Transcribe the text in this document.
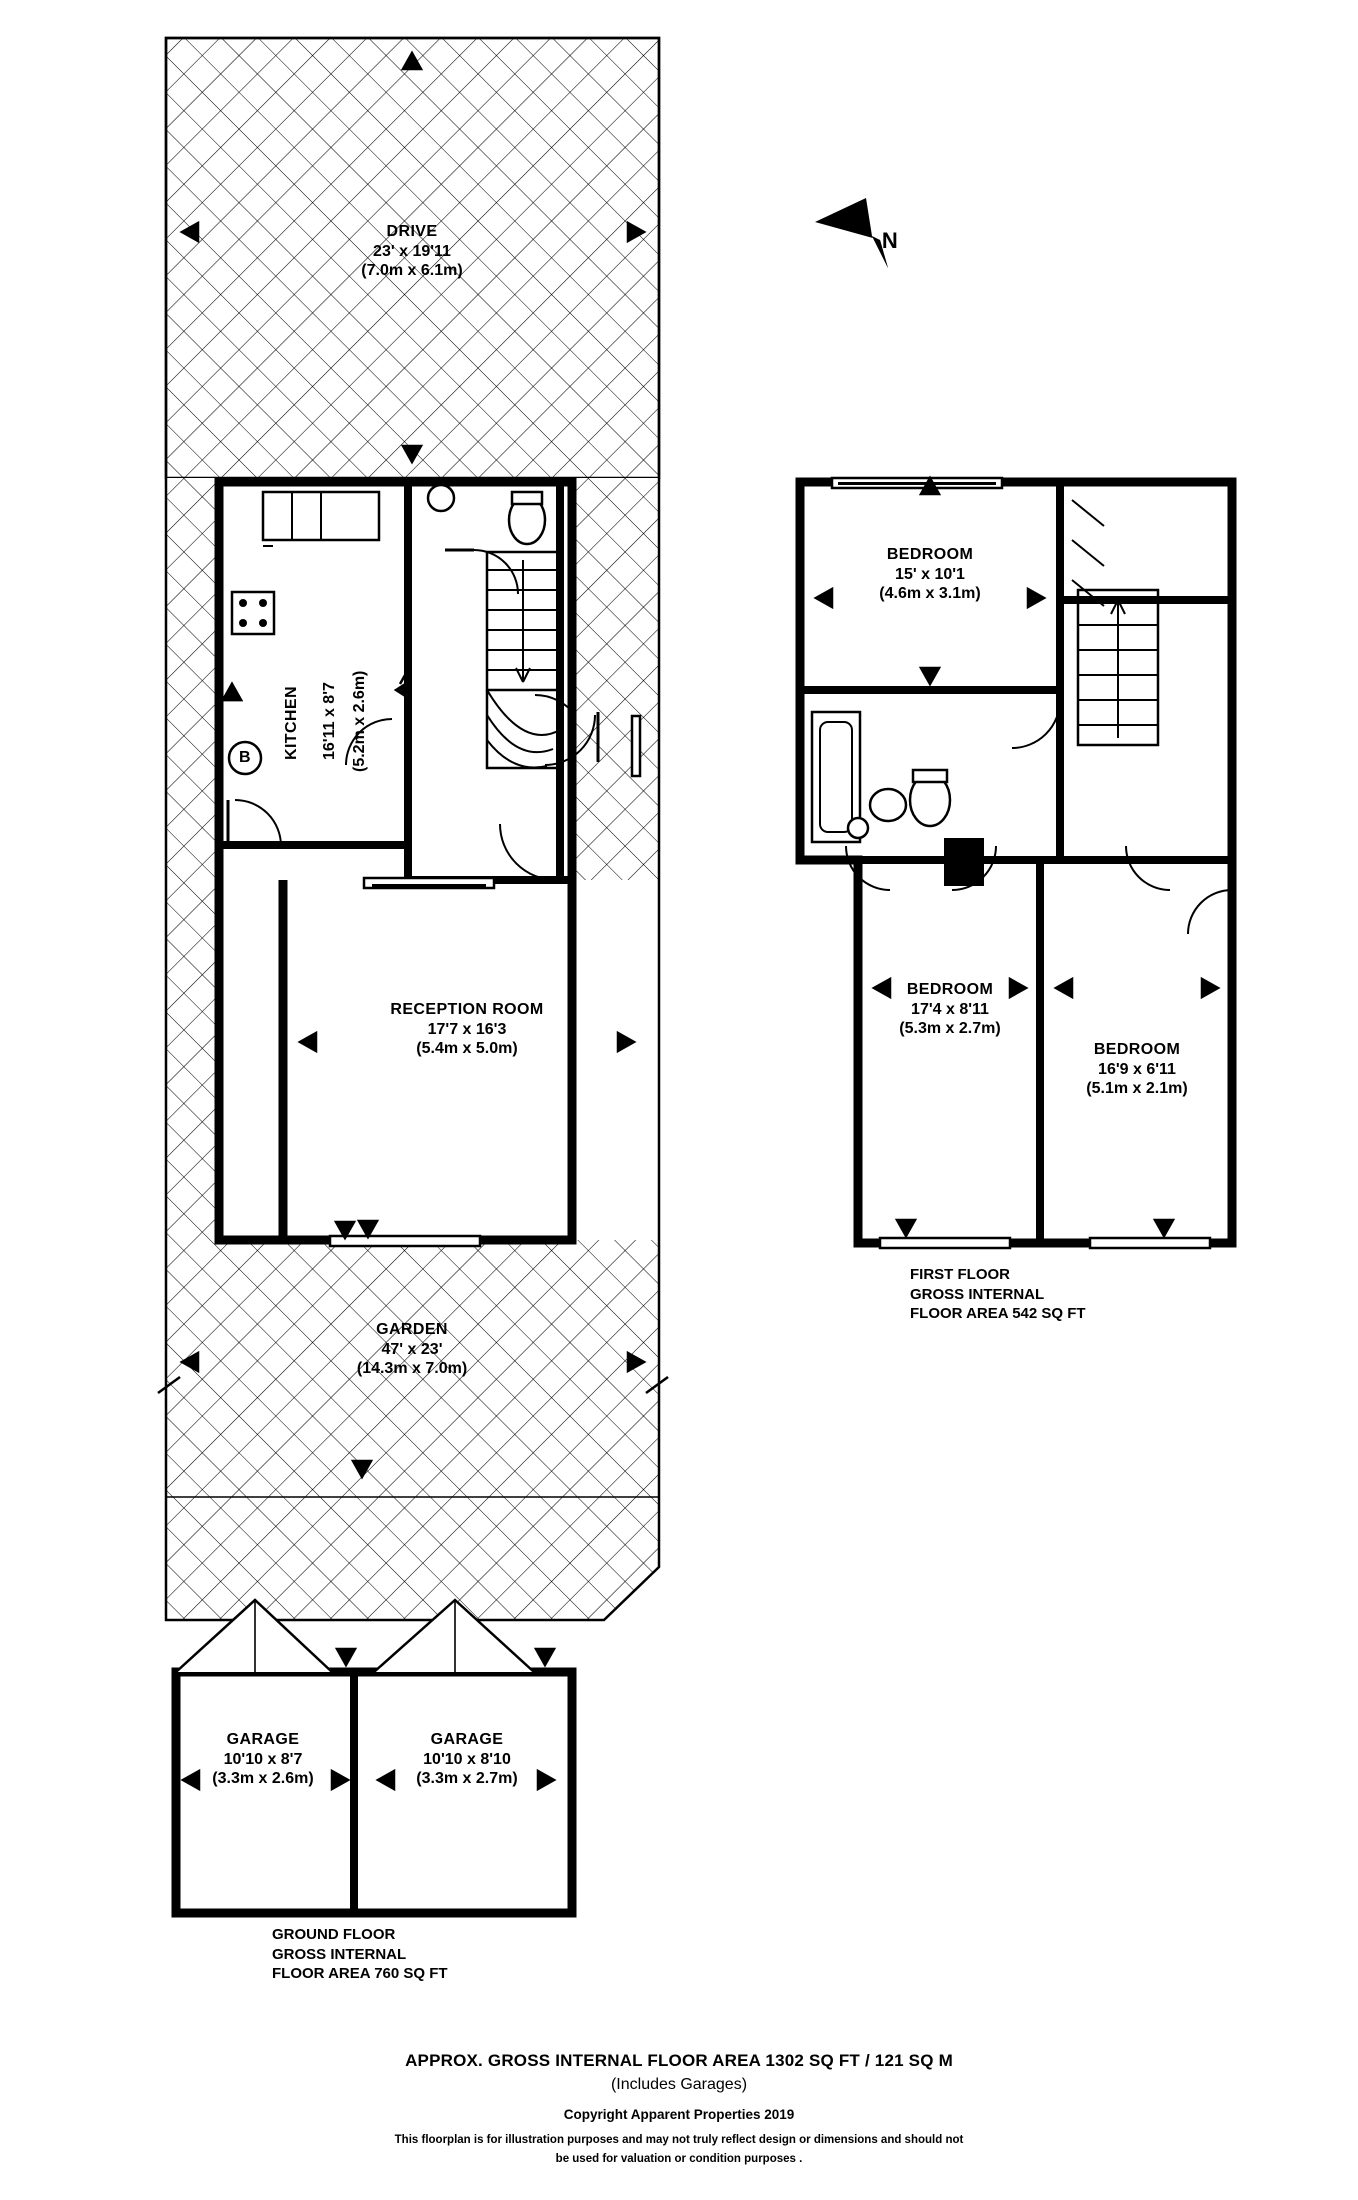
DRIVE
23' x 19'11
(7.0m x 6.1m)
KITCHEN 16'11 x 8'7 (5.2m x 2.6m)
B
RECEPTION ROOM
17'7 x 16'3
(5.4m x 5.0m)
GARDEN
47' x 23'
(14.3m x 7.0m)
GARAGE
10'10 x 8'7
(3.3m x 2.6m)
GARAGE
10'10 x 8'10
(3.3m x 2.7m)
GROUND FLOOR
GROSS INTERNAL
FLOOR AREA 760 SQ FT
BEDROOM
15' x 10'1
(4.6m x 3.1m)
BEDROOM
17'4 x 8'11
(5.3m x 2.7m)
BEDROOM
16'9 x 6'11
(5.1m x 2.1m)
FIRST FLOOR
GROSS INTERNAL
FLOOR AREA 542 SQ FT
N
APPROX. GROSS INTERNAL FLOOR AREA 1302 SQ FT / 121 SQ M
(Includes Garages)
Copyright Apparent Properties 2019
This floorplan is for illustration purposes and may not truly reflect design or dimensions and should not
be used for valuation or condition purposes .
